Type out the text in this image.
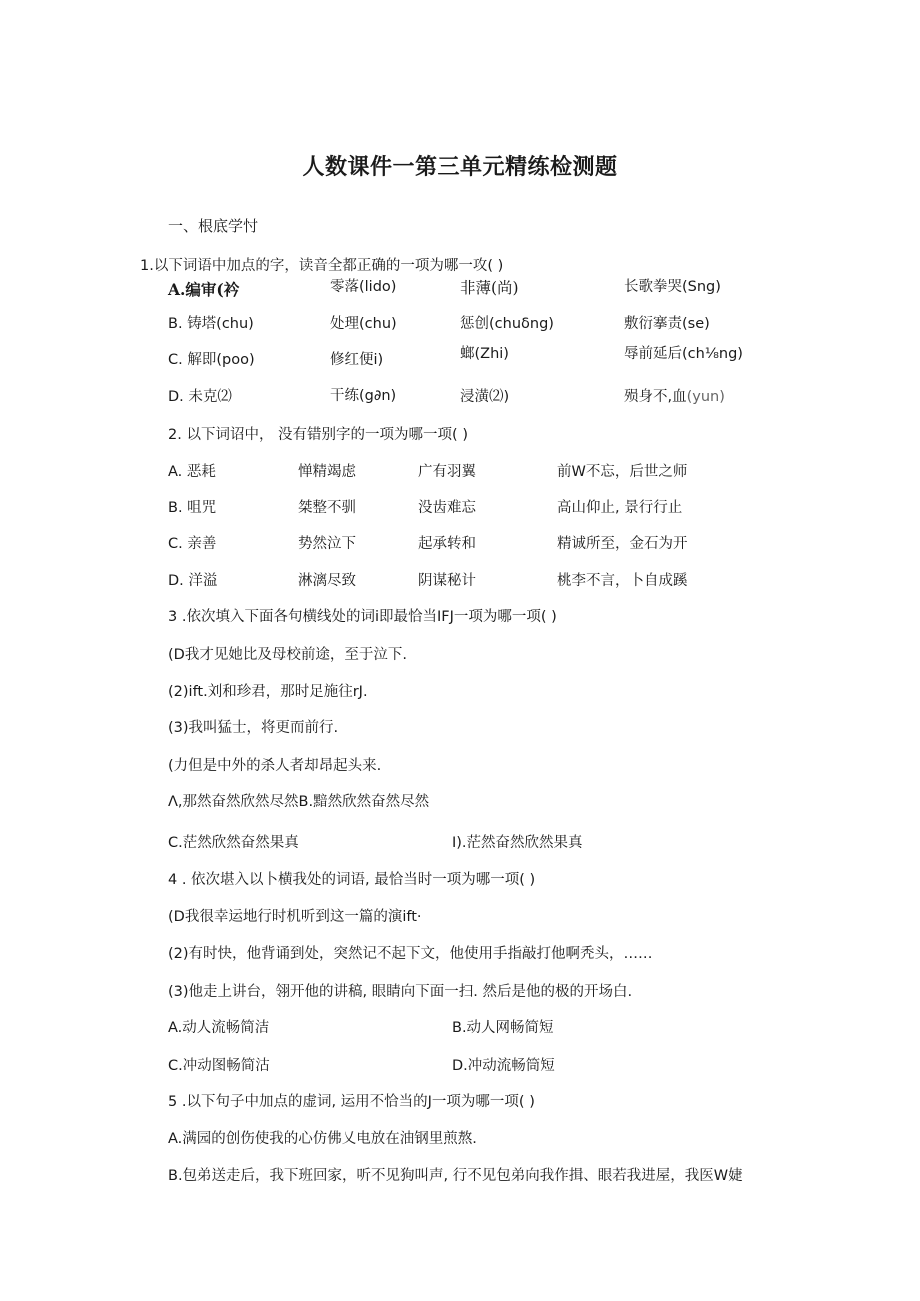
人数课件一第三单元精练检测题
一、根底学忖
1.以下词语中加点的字，读音全都正确的一项为哪一攻( )
A.编审(衿	零落(lido)	非薄(尚)	长歌拳哭(Sng)
B. 铸塔(chu)	处理(chu)	惩创(chuδng)	敷衍搴责(se)
C. 解即(poo)	修红便i)	螂(Zhi)	辱前延后(ch⅛ng)
D. 未克⑵	干练(g∂n)	浸潢⑵)	殒身不,血(yun)
2. 以下词诏中， 没有错别字的一项为哪一项( )
A. 恶耗	惮精竭虑	广有羽翼	前W不忘，后世之师
B. 咀咒	桀整不驯	没齿难忘	高山仰止, 景行行止
C. 亲善	势然泣下	起承转和	精诚所至，金石为开
D. 洋溢	淋漓尽致	阴谋秘计	桃李不言，卜自成蹊
3 .依次填入下面各句横线处的词i即最恰当IFJ一项为哪一项( )
(D我才见她比及母校前途，至于泣下.
(2)ift.刘和珍君，那时足施往rJ.
(3)我叫猛士，将更而前行.
(力但是中外的杀人者却昂起头来.
Λ,那然奋然欣然尽然B.黯然欣然奋然尽然
C.茫然欣然奋然果真	I).茫然奋然欣然果真
4 . 依次堪入以卜横我处的词语, 最恰当时一项为哪一项( )
(D我很幸运地行时机听到这一篇的演ift·
(2)有时快，他背诵到处，突然记不起下文，他使用手指敲打他啊秃头，……
(3)他走上讲台，翎开他的讲稿, 眼睛向下面一扫. 然后是他的极的开场白.
A.动人流畅简洁	B.动人网畅简短
C.冲动图畅简沽	D.冲动流畅筒短
5 .以下句子中加点的虚词, 运用不恰当的J一项为哪一项( )
A.满园的创伤使我的心仿佛乂电放在油钢里煎熬.
B.包弟送走后，我下班回家，听不见狗叫声, 行不见包弟向我作揖、眼若我进屋，我医W婕
